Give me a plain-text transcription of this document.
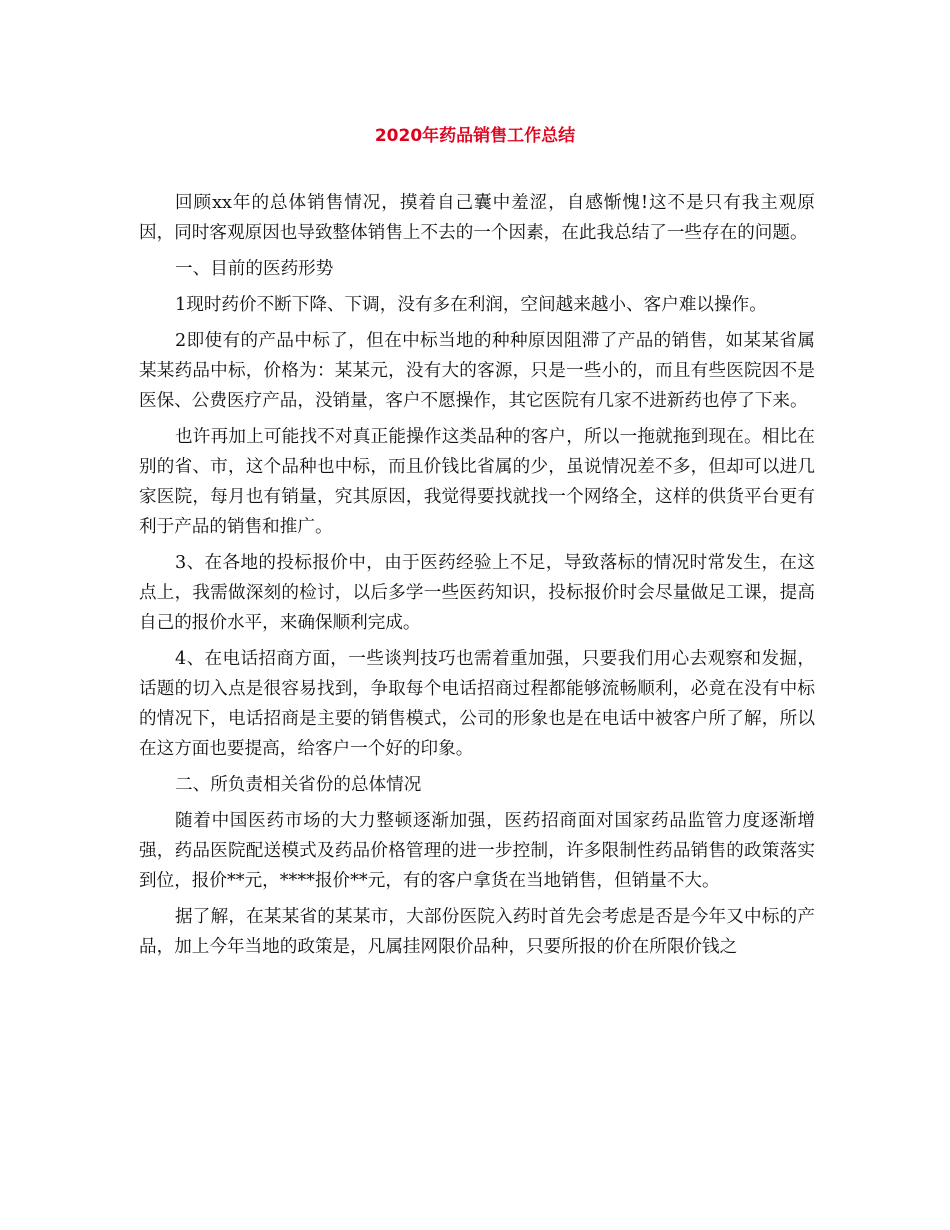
2020年药品销售工作总结

回顾xx年的总体销售情况，摸着自己囊中羞涩，自感惭愧!这不是只有我主观原因，同时客观原因也导致整体销售上不去的一个因素，在此我总结了一些存在的问题。

一、目前的医药形势

1现时药价不断下降、下调，没有多在利润，空间越来越小、客户难以操作。

2即使有的产品中标了，但在中标当地的种种原因阻滞了产品的销售，如某某省属某某药品中标，价格为：某某元，没有大的客源，只是一些小的，而且有些医院因不是医保、公费医疗产品，没销量，客户不愿操作，其它医院有几家不进新药也停了下来。

也许再加上可能找不对真正能操作这类品种的客户，所以一拖就拖到现在。相比在别的省、市，这个品种也中标，而且价钱比省属的少，虽说情况差不多，但却可以进几家医院，每月也有销量，究其原因，我觉得要找就找一个网络全，这样的供货平台更有利于产品的销售和推广。

3、在各地的投标报价中，由于医药经验上不足，导致落标的情况时常发生，在这点上，我需做深刻的检讨，以后多学一些医药知识，投标报价时会尽量做足工课，提高自己的报价水平，来确保顺利完成。

4、在电话招商方面，一些谈判技巧也需着重加强，只要我们用心去观察和发掘，话题的切入点是很容易找到，争取每个电话招商过程都能够流畅顺利，必竟在没有中标的情况下，电话招商是主要的销售模式，公司的形象也是在电话中被客户所了解，所以在这方面也要提高，给客户一个好的印象。

二、所负责相关省份的总体情况

随着中国医药市场的大力整顿逐渐加强，医药招商面对国家药品监管力度逐渐增强，药品医院配送模式及药品价格管理的进一步控制，许多限制性药品销售的政策落实到位，报价**元，****报价**元，有的客户拿货在当地销售，但销量不大。

据了解，在某某省的某某市，大部份医院入药时首先会考虑是否是今年又中标的产品，加上今年当地的政策是，凡属挂网限价品种，只要所报的价在所限价钱之
